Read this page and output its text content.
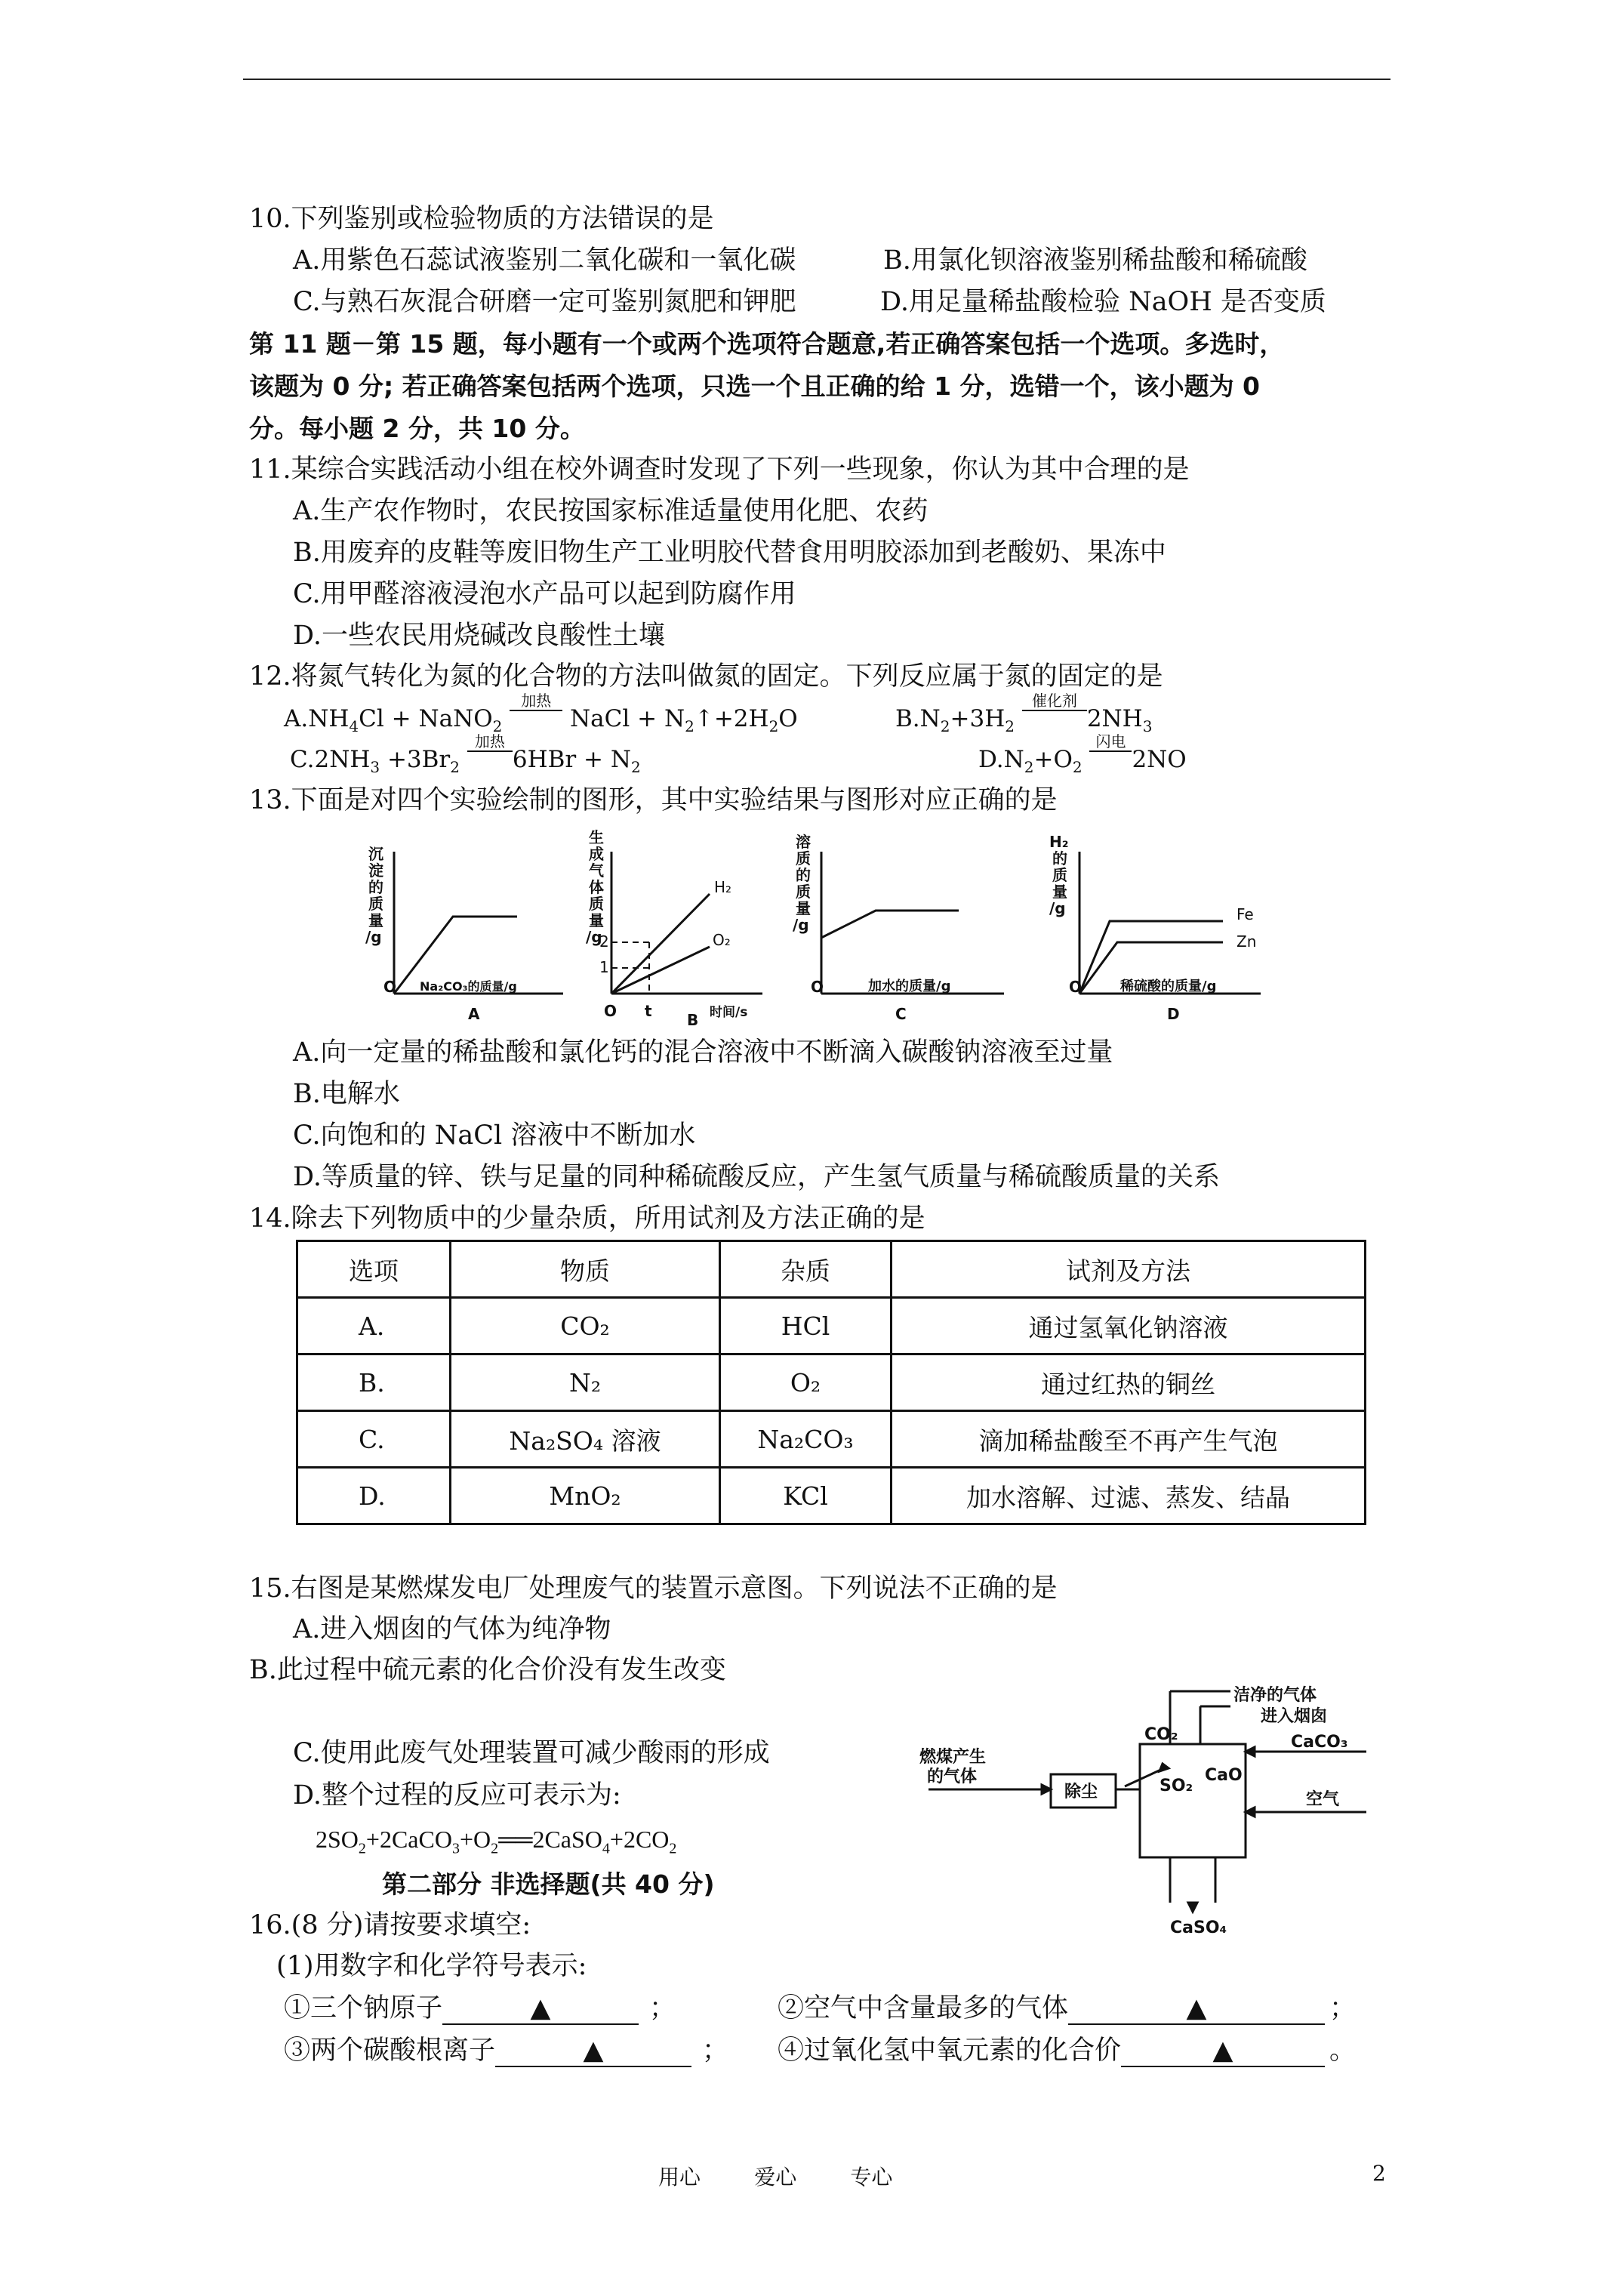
10.下列鉴别或检验物质的方法错误的是
A.用紫色石蕊试液鉴别二氧化碳和一氧化碳	B.用氯化钡溶液鉴别稀盐酸和稀硫酸
C.与熟石灰混合研磨一定可鉴别氮肥和钾肥	D.用足量稀盐酸检验 NaOH 是否变质
第 11 题－第 15 题，每小题有一个或两个选项符合题意,若正确答案包括一个选项。多选时，
该题为 0 分; 若正确答案包括两个选项，只选一个且正确的给 1 分，选错一个，该小题为 0
分。每小题 2 分，共 10 分。
11.某综合实践活动小组在校外调查时发现了下列一些现象，你认为其中合理的是
A.生产农作物时，农民按国家标准适量使用化肥、农药
B.用废弃的皮鞋等废旧物生产工业明胶代替食用明胶添加到老酸奶、果冻中
C.用甲醛溶液浸泡水产品可以起到防腐作用
D.一些农民用烧碱改良酸性土壤
12.将氮气转化为氮的化合物的方法叫做氮的固定。下列反应属于氮的固定的是
$A.NH_4Cl$ + NaNO$_2$
加热
NaCl + $N_2↑+2H_2O$	$B.N_2+3H_2$
催化剂
$2NH_3$
$C.2NH_3 +3Br_2$
加热
$6HBr + N_2$	$D.N_2+O_2$
闪电
2NO
13.下面是对四个实验绘制的图形，其中实验结果与图形对应正确的是
沉
淀
的
质
量
/g
O Na₂CO₃的质量/g
A
生
成
气
体
质
量
/g
2
1
O t	时间/s
B
H₂
O₂
溶
质
的
质
量
/g
O	加水的质量/g
C
H₂
的
质
量
/g
O	稀硫酸的质量/g
D
Fe
Zn
A.向一定量的稀盐酸和氯化钙的混合溶液中不断滴入碳酸钠溶液至过量
B.电解水
C.向饱和的 NaCl 溶液中不断加水
D.等质量的锌、铁与足量的同种稀硫酸反应，产生氢气质量与稀硫酸质量的关系
14.除去下列物质中的少量杂质，所用试剂及方法正确的是
选项	物质	杂质	试剂及方法
A.	CO₂	HCl	通过氢氧化钠溶液
B.	N₂	O₂	通过红热的铜丝
C.	Na₂SO₄ 溶液	Na₂CO₃	滴加稀盐酸至不再产生气泡
D.	MnO₂	KCl	加水溶解、过滤、蒸发、结晶
15.右图是某燃煤发电厂处理废气的装置示意图。下列说法不正确的是
A.进入烟囱的气体为纯净物
B.此过程中硫元素的化合价没有发生改变
C.使用此废气处理装置可减少酸雨的形成
D.整个过程的反应可表示为:
$2SO_2+2CaCO_3+O_2══2CaSO_4+2CO_2$
洁净的气体
进入烟囱
CO₂	CaCO₃
CaO
SO₂
燃煤产生
的气体
除尘	空气
CaSO₄
第二部分 非选择题(共 40 分)
16.(8 分)请按要求填空:
(1)用数字和化学符号表示:
①三个钠原子	▲	；	②空气中含量最多的气体	▲	；
③两个碳酸根离子	▲	； ④过氧化氢中氧元素的化合价	▲	。
用心        爱心        专心	2
